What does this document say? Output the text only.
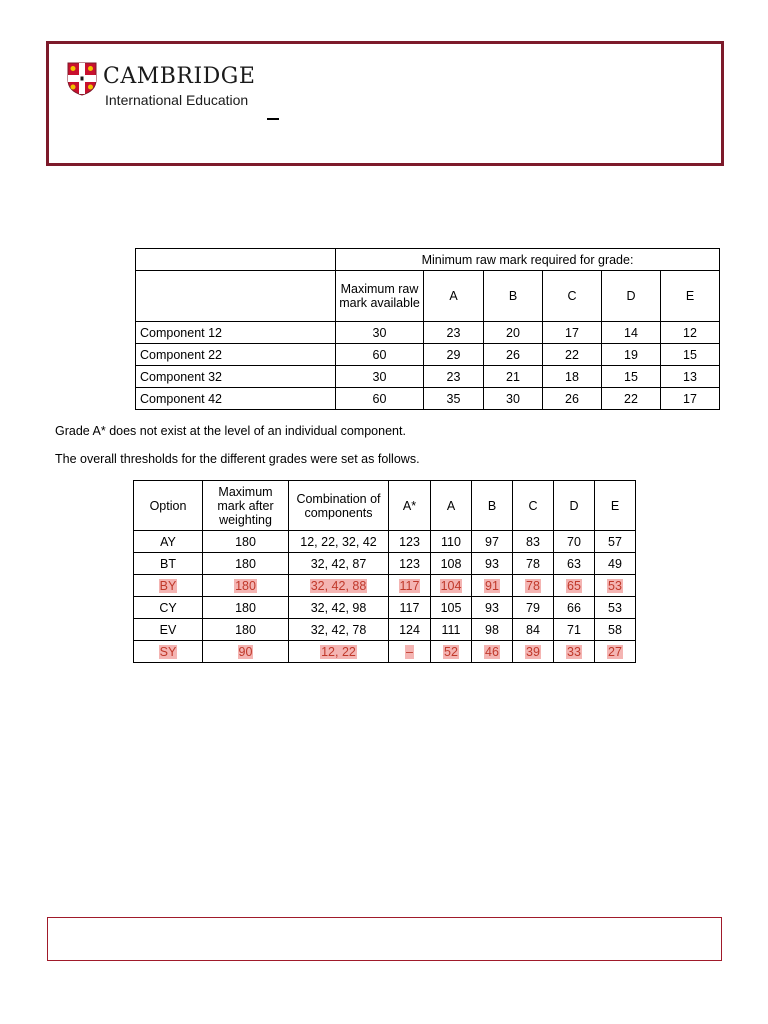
CAMBRIDGE
International Education
	Minimum raw mark required for grade:					
	Maximum raw mark available	A	B	C	D	E
Component 12	30	23	20	17	14	12
Component 22	60	29	26	22	19	15
Component 32	30	23	21	18	15	13
Component 42	60	35	30	26	22	17
Grade A* does not exist at the level of an individual component.
The overall thresholds for the different grades were set as follows.
Option	Maximum mark after weighting	Combination of components	A*	A	B	C	D	E
AY	180	12, 22, 32, 42	123	110	97	83	70	57
BT	180	32, 42, 87	123	108	93	78	63	49
BY	180	32, 42, 88	117	104	91	78	65	53
CY	180	32, 42, 98	117	105	93	79	66	53
EV	180	32, 42, 78	124	111	98	84	71	58
SY	90	12, 22	–	52	46	39	33	27
